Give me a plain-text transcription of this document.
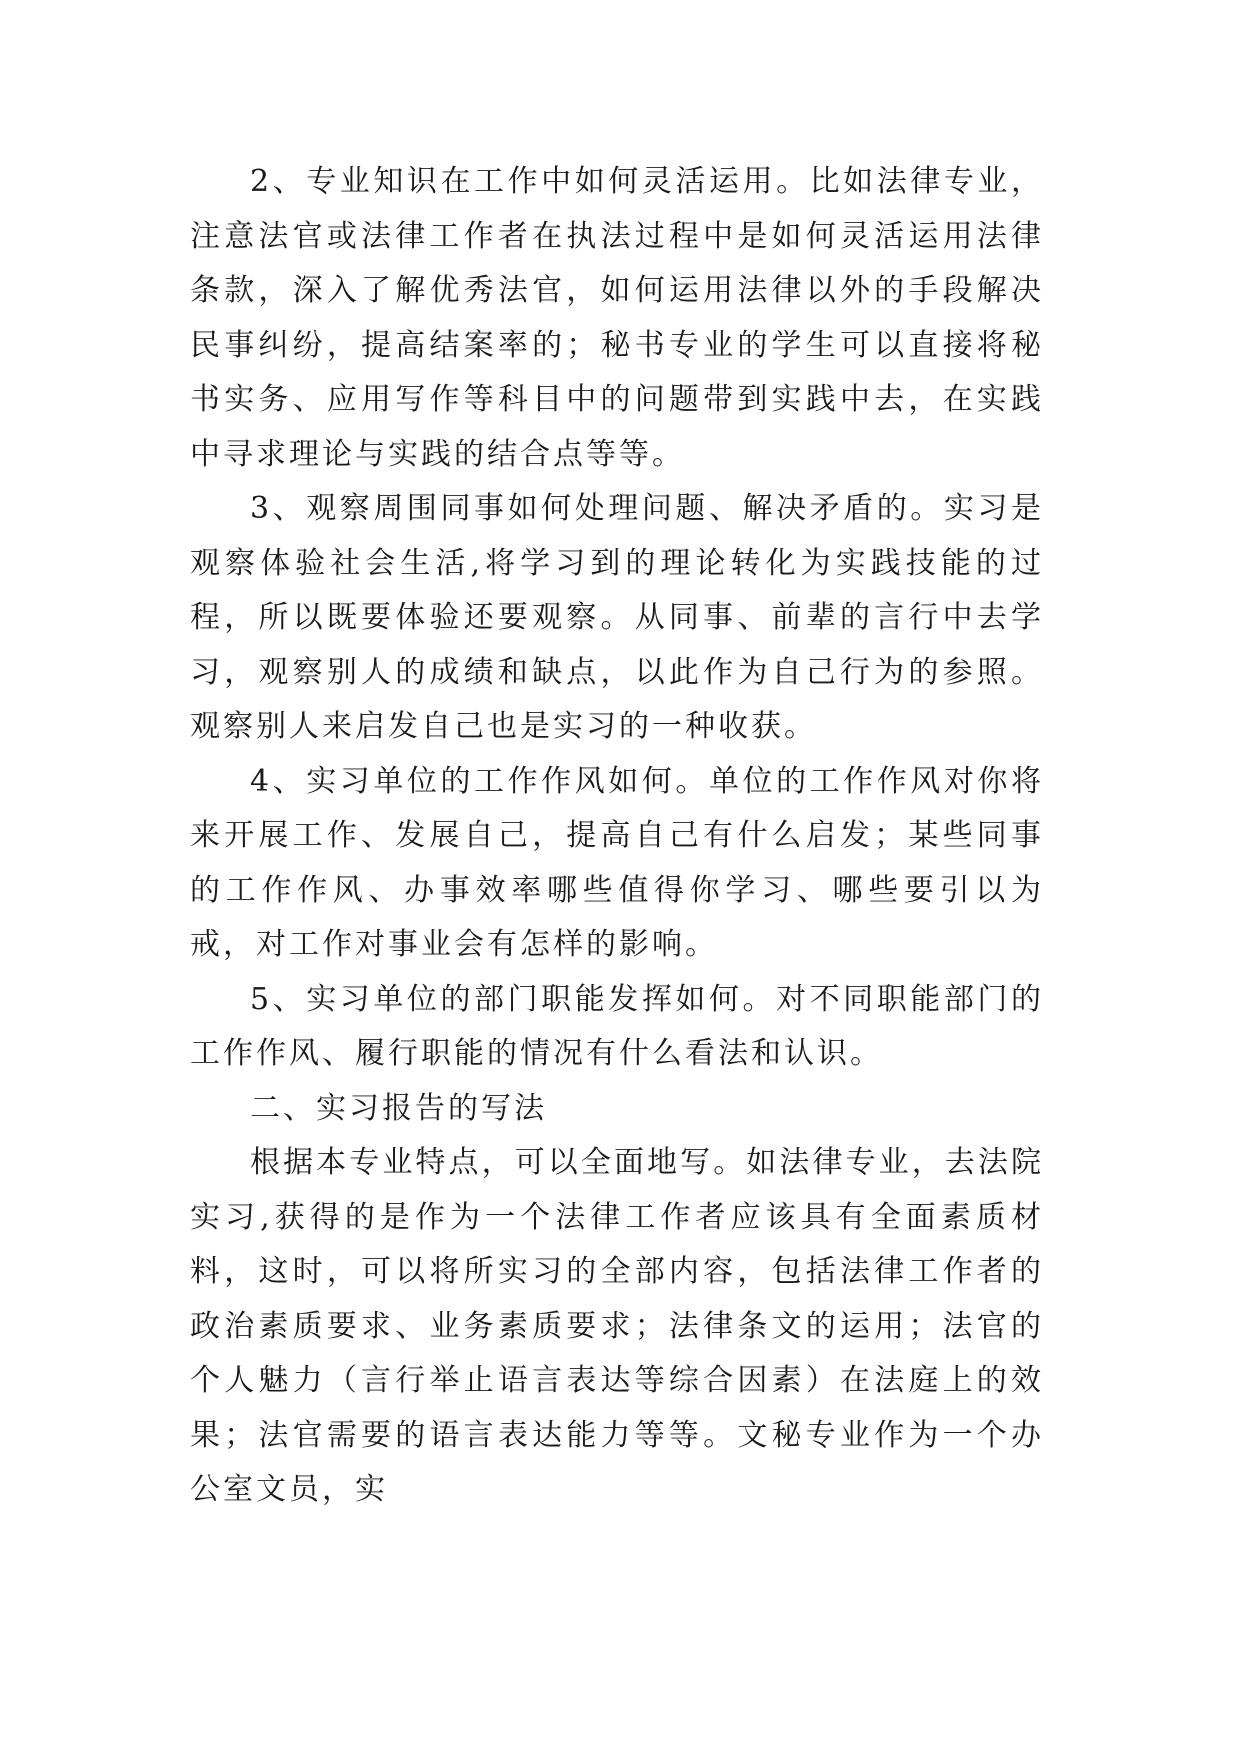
2、专业知识在工作中如何灵活运用。比如法律专业，注意法官或法律工作者在执法过程中是如何灵活运用法律条款，深入了解优秀法官，如何运用法律以外的手段解决民事纠纷，提高结案率的；秘书专业的学生可以直接将秘书实务、应用写作等科目中的问题带到实践中去，在实践中寻求理论与实践的结合点等等。

3、观察周围同事如何处理问题、解决矛盾的。实习是观察体验社会生活,将学习到的理论转化为实践技能的过程，所以既要体验还要观察。从同事、前辈的言行中去学习，观察别人的成绩和缺点，以此作为自己行为的参照。观察别人来启发自己也是实习的一种收获。

4、实习单位的工作作风如何。单位的工作作风对你将来开展工作、发展自己，提高自己有什么启发；某些同事的工作作风、办事效率哪些值得你学习、哪些要引以为戒，对工作对事业会有怎样的影响。

5、实习单位的部门职能发挥如何。对不同职能部门的工作作风、履行职能的情况有什么看法和认识。

二、实习报告的写法

根据本专业特点，可以全面地写。如法律专业，去法院实习,获得的是作为一个法律工作者应该具有全面素质材料，这时，可以将所实习的全部内容，包括法律工作者的政治素质要求、业务素质要求；法律条文的运用；法官的个人魅力（言行举止语言表达等综合因素）在法庭上的效果；法官需要的语言表达能力等等。文秘专业作为一个办公室文员，实
